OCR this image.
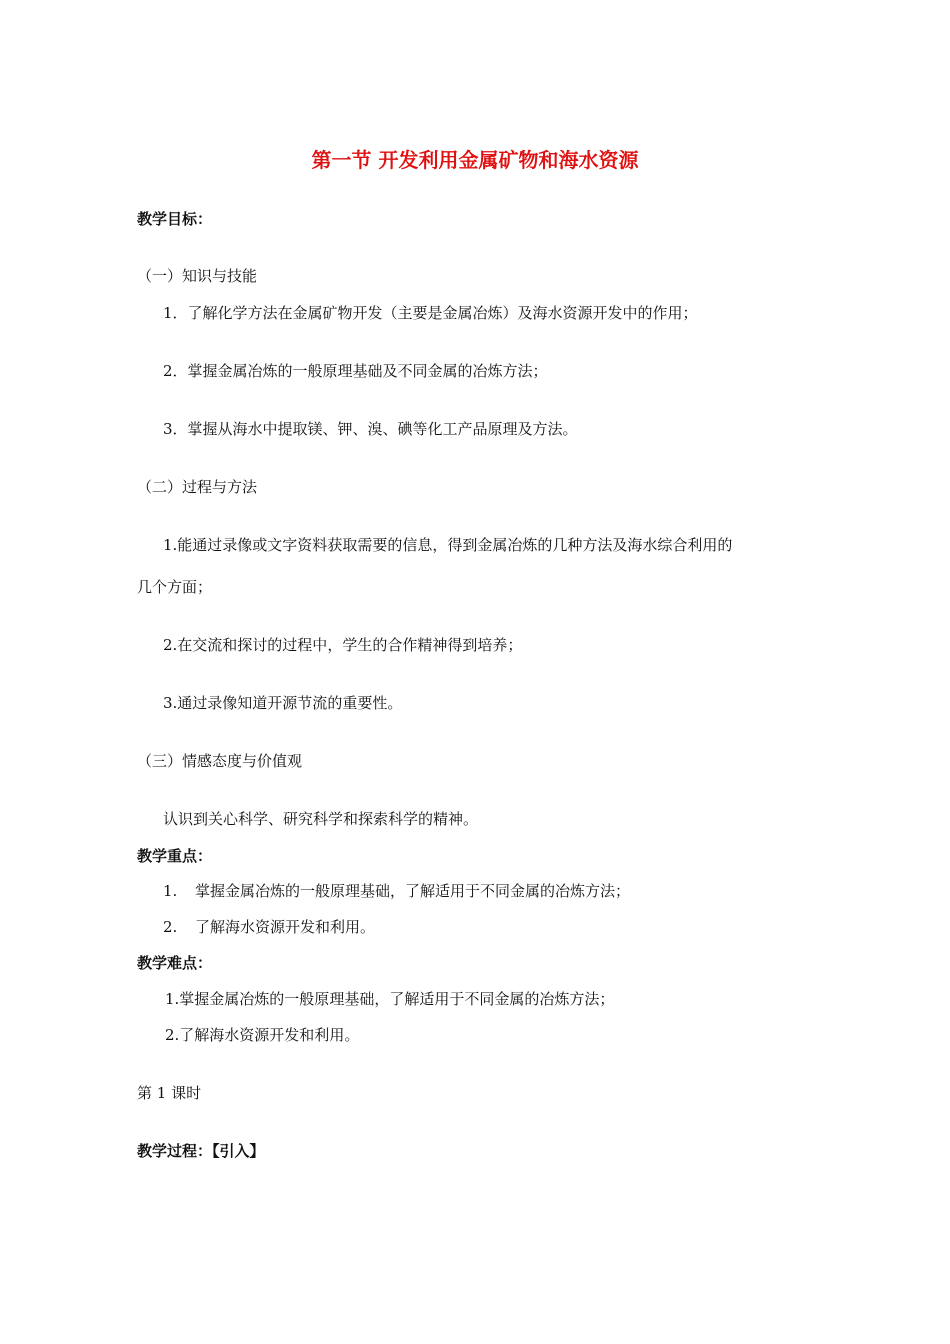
第一节 开发利用金属矿物和海水资源
教学目标：
（一）知识与技能
1．了解化学方法在金属矿物开发（主要是金属冶炼）及海水资源开发中的作用；
2．掌握金属冶炼的一般原理基础及不同金属的冶炼方法；
3．掌握从海水中提取镁、钾、溴、碘等化工产品原理及方法。
（二）过程与方法
1.能通过录像或文字资料获取需要的信息，得到金属冶炼的几种方法及海水综合利用的
几个方面；
2.在交流和探讨的过程中，学生的合作精神得到培养；
3.通过录像知道开源节流的重要性。
（三）情感态度与价值观
认识到关心科学、研究科学和探索科学的精神。
教学重点：
1. 掌握金属冶炼的一般原理基础，了解适用于不同金属的冶炼方法；
2. 了解海水资源开发和利用。
教学难点：
1.掌握金属冶炼的一般原理基础，了解适用于不同金属的冶炼方法；
2.了解海水资源开发和利用。
第 1 课时
教学过程：【引入】
